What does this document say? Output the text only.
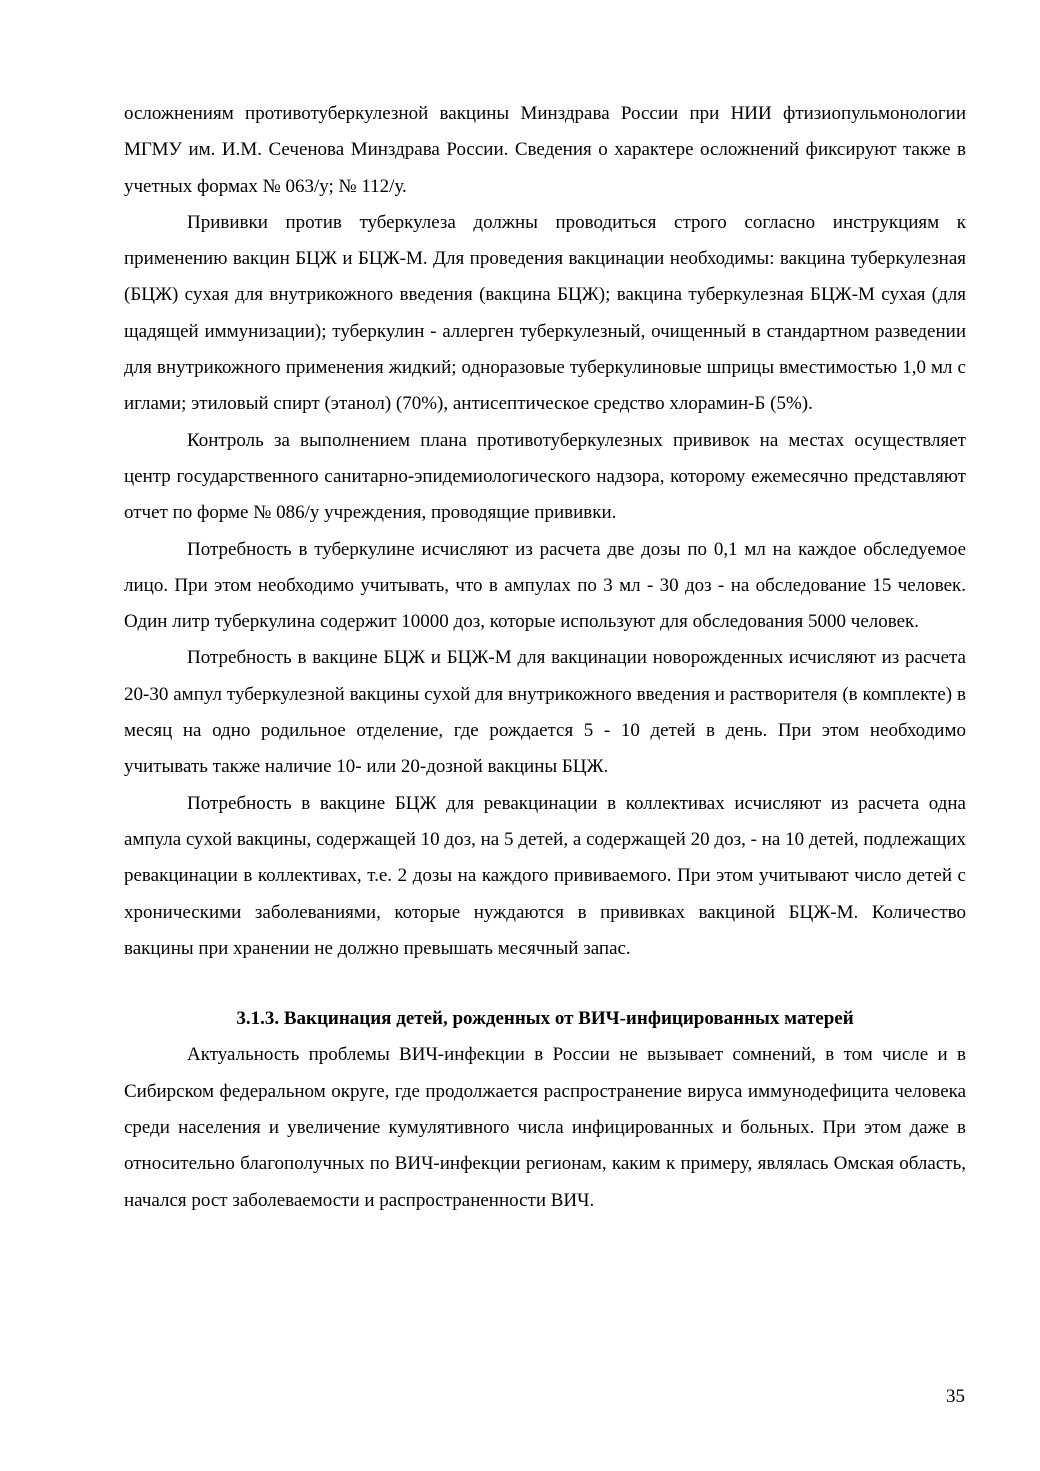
осложнениям противотуберкулезной вакцины Минздрава России при НИИ фтизиопульмонологии МГМУ им. И.М. Сеченова Минздрава России. Сведения о характере осложнений фиксируют также в учетных формах № 063/у; № 112/у.

Прививки против туберкулеза должны проводиться строго согласно инструкциям к применению вакцин БЦЖ и БЦЖ-М. Для проведения вакцинации необходимы: вакцина туберкулезная (БЦЖ) сухая для внутрикожного введения (вакцина БЦЖ); вакцина туберкулезная БЦЖ-М сухая (для щадящей иммунизации); туберкулин - аллерген туберкулезный, очищенный в стандартном разведении для внутрикожного применения жидкий; одноразовые туберкулиновые шприцы вместимостью 1,0 мл с иглами; этиловый спирт (этанол) (70%), антисептическое средство хлорамин-Б (5%).

Контроль за выполнением плана противотуберкулезных прививок на местах осуществляет центр государственного санитарно-эпидемиологического надзора, которому ежемесячно представляют отчет по форме № 086/у учреждения, проводящие прививки.

Потребность в туберкулине исчисляют из расчета две дозы по 0,1 мл на каждое обследуемое лицо. При этом необходимо учитывать, что в ампулах по 3 мл - 30 доз - на обследование 15 человек. Один литр туберкулина содержит 10000 доз, которые используют для обследования 5000 человек.

Потребность в вакцине БЦЖ и БЦЖ-М для вакцинации новорожденных исчисляют из расчета 20-30 ампул туберкулезной вакцины сухой для внутрикожного введения и растворителя (в комплекте) в месяц на одно родильное отделение, где рождается 5 - 10 детей в день. При этом необходимо учитывать также наличие 10- или 20-дозной вакцины БЦЖ.

Потребность в вакцине БЦЖ для ревакцинации в коллективах исчисляют из расчета одна ампула сухой вакцины, содержащей 10 доз, на 5 детей, а содержащей 20 доз, - на 10 детей, подлежащих ревакцинации в коллективах, т.е. 2 дозы на каждого прививаемого. При этом учитывают число детей с хроническими заболеваниями, которые нуждаются в прививках вакциной БЦЖ-М. Количество вакцины при хранении не должно превышать месячный запас.

3.1.3. Вакцинация детей, рожденных от ВИЧ-инфицированных матерей

Актуальность проблемы ВИЧ-инфекции в России не вызывает сомнений, в том числе и в Сибирском федеральном округе, где продолжается распространение вируса иммунодефицита человека среди населения и увеличение кумулятивного числа инфицированных и больных. При этом даже в относительно благополучных по ВИЧ-инфекции регионам, каким к примеру, являлась Омская область, начался рост заболеваемости и распространенности ВИЧ.

35
